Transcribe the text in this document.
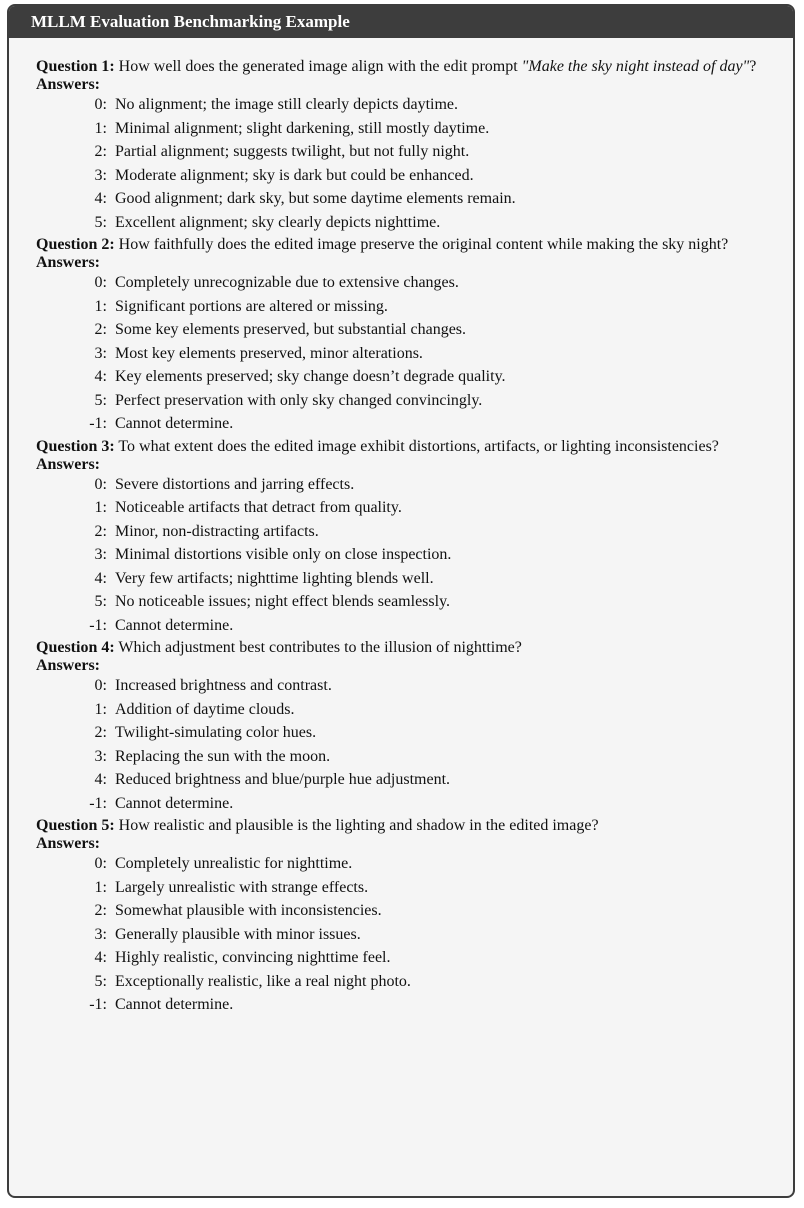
MLLM Evaluation Benchmarking Example

Question 1: How well does the generated image align with the edit prompt "Make the sky night instead of day"?

Answers:
0: No alignment; the image still clearly depicts daytime.
1: Minimal alignment; slight darkening, still mostly daytime.
2: Partial alignment; suggests twilight, but not fully night.
3: Moderate alignment; sky is dark but could be enhanced.
4: Good alignment; dark sky, but some daytime elements remain.
5: Excellent alignment; sky clearly depicts nighttime.

Question 2: How faithfully does the edited image preserve the original content while making the sky night?

Answers:
0: Completely unrecognizable due to extensive changes.
1: Significant portions are altered or missing.
2: Some key elements preserved, but substantial changes.
3: Most key elements preserved, minor alterations.
4: Key elements preserved; sky change doesn’t degrade quality.
5: Perfect preservation with only sky changed convincingly.
-1: Cannot determine.

Question 3: To what extent does the edited image exhibit distortions, artifacts, or lighting inconsistencies?

Answers:
0: Severe distortions and jarring effects.
1: Noticeable artifacts that detract from quality.
2: Minor, non-distracting artifacts.
3: Minimal distortions visible only on close inspection.
4: Very few artifacts; nighttime lighting blends well.
5: No noticeable issues; night effect blends seamlessly.
-1: Cannot determine.

Question 4: Which adjustment best contributes to the illusion of nighttime?

Answers:
0: Increased brightness and contrast.
1: Addition of daytime clouds.
2: Twilight-simulating color hues.
3: Replacing the sun with the moon.
4: Reduced brightness and blue/purple hue adjustment.
-1: Cannot determine.

Question 5: How realistic and plausible is the lighting and shadow in the edited image?

Answers:
0: Completely unrealistic for nighttime.
1: Largely unrealistic with strange effects.
2: Somewhat plausible with inconsistencies.
3: Generally plausible with minor issues.
4: Highly realistic, convincing nighttime feel.
5: Exceptionally realistic, like a real night photo.
-1: Cannot determine.
